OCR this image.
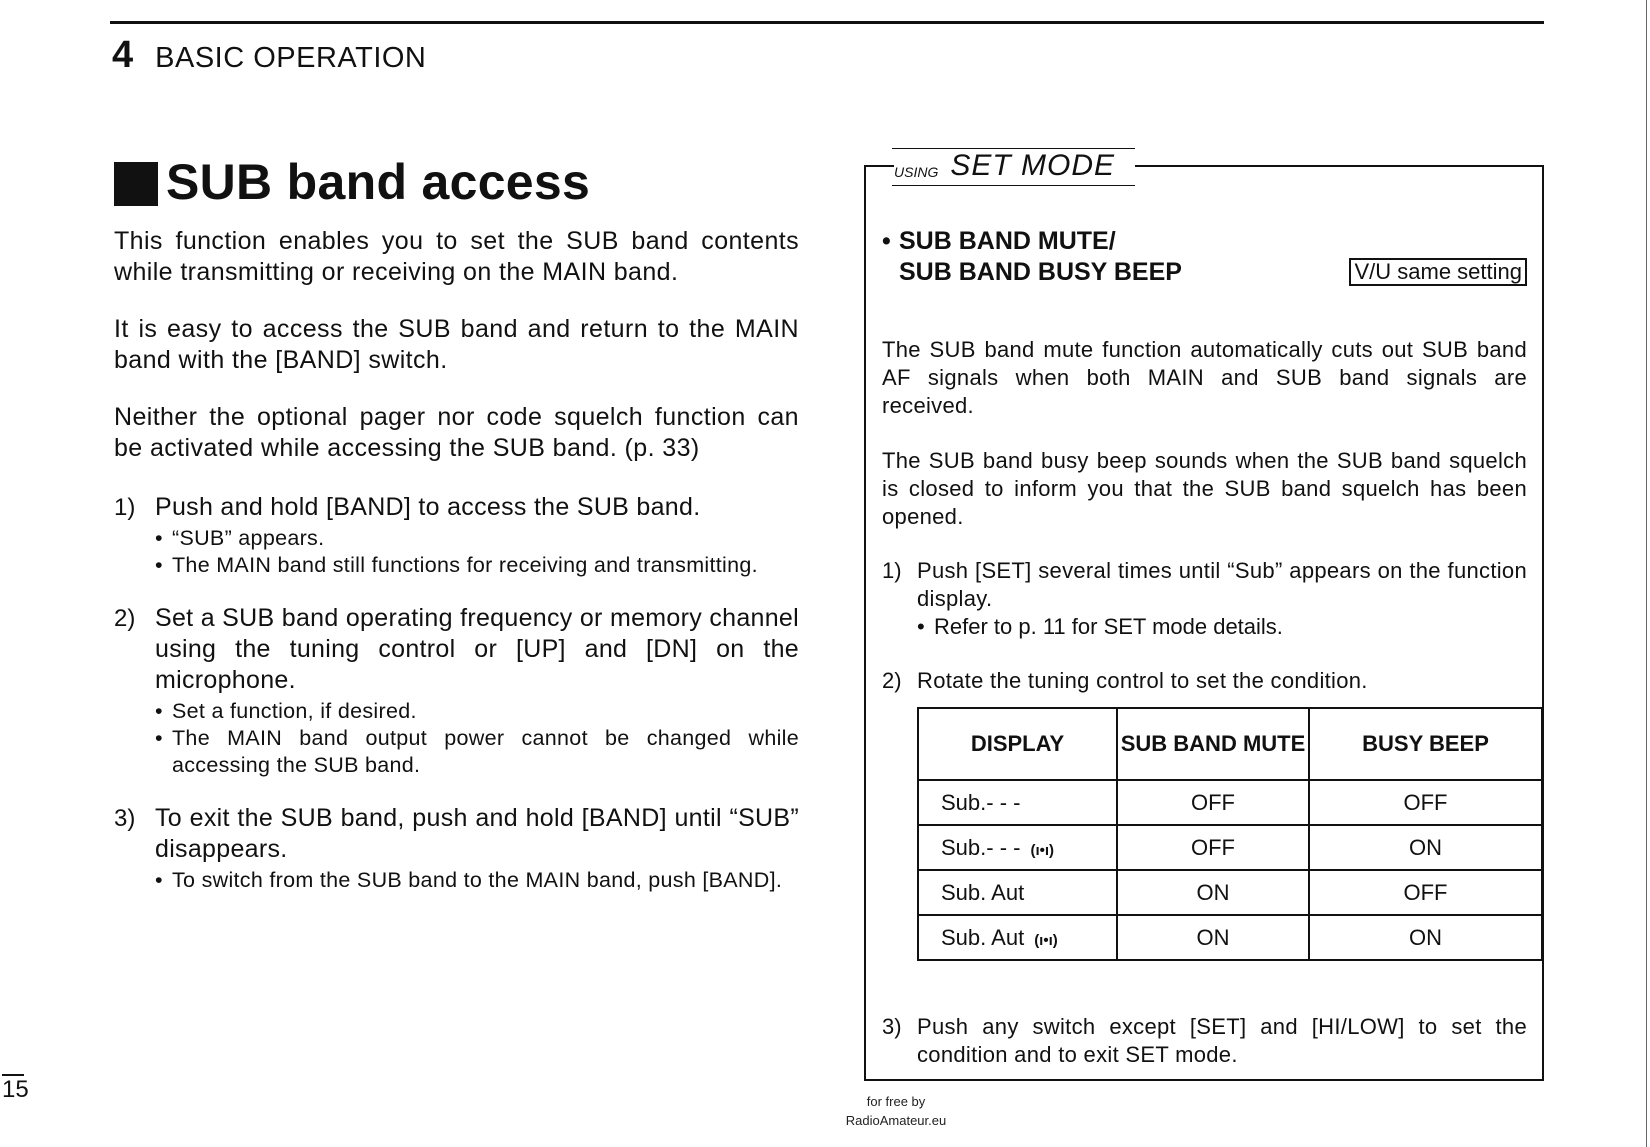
4 BASIC OPERATION
SUB band access

This function enables you to set the SUB band contents while transmitting or receiving on the MAIN band.

It is easy to access the SUB band and return to the MAIN band with the [BAND] switch.

Neither the optional pager nor code squelch function can be activated while accessing the SUB band. (p. 33)

1) Push and hold [BAND] to access the SUB band.
• “SUB” appears.
• The MAIN band still functions for receiving and transmitting.
2) Set a SUB band operating frequency or memory channel using the tuning control or [UP] and [DN] on the microphone.
• Set a function, if desired.
• The MAIN band output power cannot be changed while accessing the SUB band.
3) To exit the SUB band, push and hold [BAND] until “SUB” disappears.
• To switch from the SUB band to the MAIN band, push [BAND].
USING SET MODE
• SUB BAND MUTE/
SUB BAND BUSY BEEP	V/U same setting

The SUB band mute function automatically cuts out SUB band AF signals when both MAIN and SUB band signals are received.

The SUB band busy beep sounds when the SUB band squelch is closed to inform you that the SUB band squelch has been opened.

1) Push [SET] several times until “Sub” appears on the function display.
• Refer to p. 11 for SET mode details.
2) Rotate the tuning control to set the condition.
DISPLAY	SUB BAND MUTE	BUSY BEEP
Sub.- - -	OFF	OFF
Sub.- - - (ı•ı)	OFF	ON
Sub. Aut	ON	OFF
Sub. Aut (ı•ı)	ON	ON
3) Push any switch except [SET] and [HI/LOW] to set the condition and to exit SET mode.
15	for free by
RadioAmateur.eu
